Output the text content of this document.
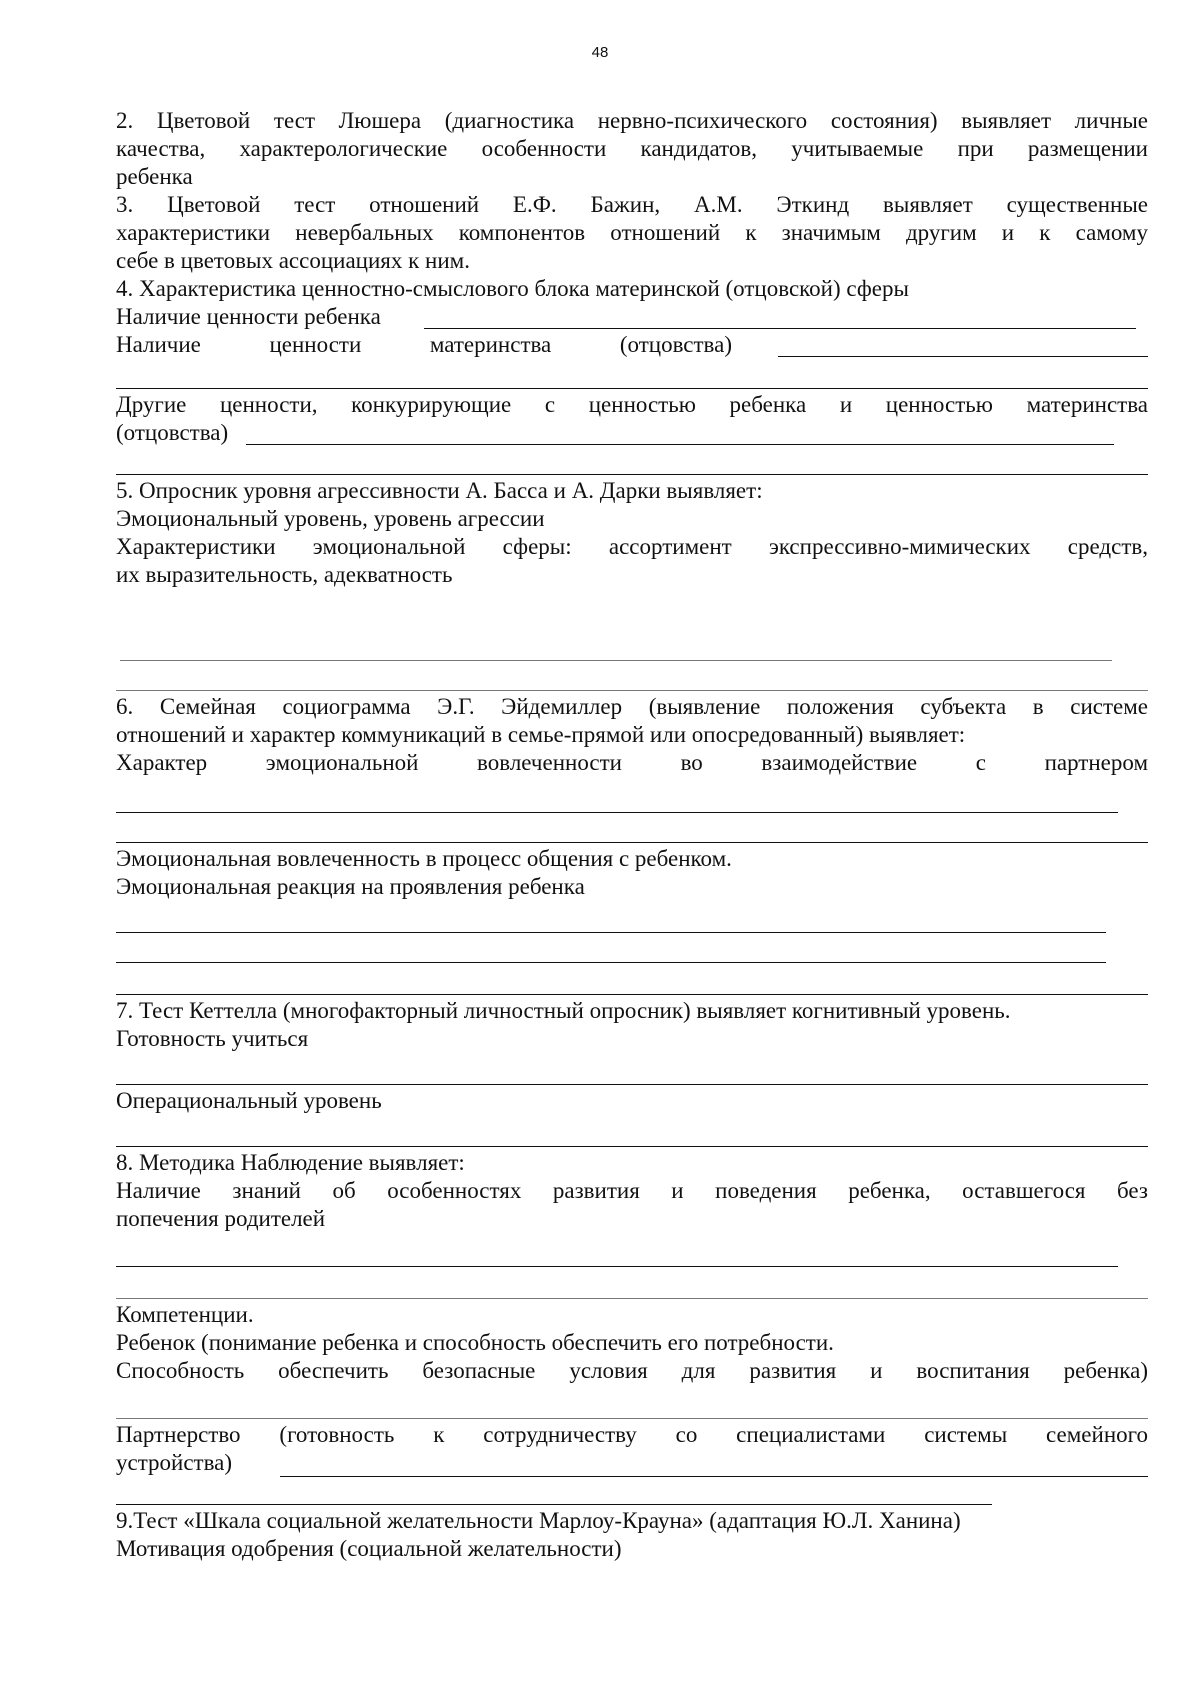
48
2. Цветовой тест Люшера (диагностика нервно-психического состояния) выявляет личные
качества, характерологические особенности кандидатов, учитываемые при размещении
ребенка
3. Цветовой тест отношений Е.Ф. Бажин, А.М. Эткинд выявляет существенные
характеристики невербальных компонентов отношений к значимым другим и к самому
себе в цветовых ассоциациях к ним.
4. Характеристика ценностно-смыслового блока материнской (отцовской) сферы
Наличие ценности ребенка
Наличие ценности материнства (отцовства)
Другие ценности, конкурирующие с ценностью ребенка и ценностью материнства
(отцовства)
5. Опросник уровня агрессивности А. Басса и А. Дарки выявляет:
Эмоциональный уровень, уровень агрессии
Характеристики эмоциональной сферы: ассортимент экспрессивно-мимических средств,
их выразительность, адекватность
6. Семейная социограмма Э.Г. Эйдемиллер (выявление положения субъекта в системе
отношений и характер коммуникаций в семье-прямой или опосредованный) выявляет:
Характер эмоциональной вовлеченности во взаимодействие с партнером
Эмоциональная вовлеченность в процесс общения с ребенком.
Эмоциональная реакция на проявления ребенка
7. Тест Кеттелла (многофакторный личностный опросник) выявляет когнитивный уровень.
Готовность учиться
Операциональный уровень
8. Методика Наблюдение выявляет:
Наличие знаний об особенностях развития и поведения ребенка, оставшегося без
попечения родителей
Компетенции.
Ребенок (понимание ребенка и способность обеспечить его потребности.
Способность обеспечить безопасные условия для развития и воспитания ребенка)
Партнерство (готовность к сотрудничеству со специалистами системы семейного
устройства)
9.Тест «Шкала социальной желательности Марлоу-Крауна» (адаптация Ю.Л. Ханина)
Мотивация одобрения (социальной желательности)
